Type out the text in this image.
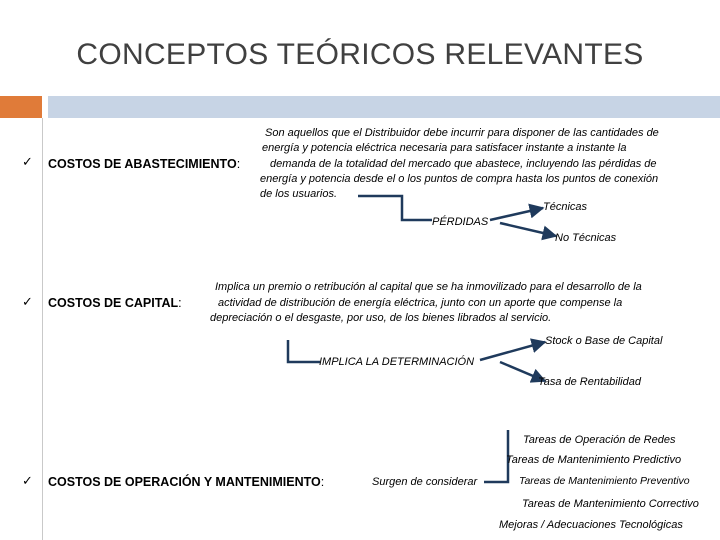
CONCEPTOS TEÓRICOS RELEVANTES
✓ COSTOS DE ABASTECIMIENTO:
Son aquellos que el Distribuidor debe incurrir para disponer de las cantidades de
energía y potencia eléctrica necesaria para satisfacer instante a instante la
demanda de la totalidad del mercado que abastece, incluyendo las pérdidas de
energía y potencia desde el o los puntos de compra hasta los puntos de conexión
de los usuarios.
PÉRDIDAS
Técnicas
No Técnicas
✓ COSTOS DE CAPITAL:
Implica un premio o retribución al capital que se ha inmovilizado para el desarrollo de la
actividad de distribución de energía eléctrica, junto con un aporte que compense la
depreciación o el desgaste, por uso, de los bienes librados al servicio.
IMPLICA LA DETERMINACIÓN
Stock o Base de Capital
Tasa de Rentabilidad
✓ COSTOS DE OPERACIÓN Y MANTENIMIENTO:	Surgen de considerar
Tareas de Operación de Redes
Tareas de Mantenimiento Predictivo
Tareas de Mantenimiento Preventivo
Tareas de Mantenimiento Correctivo
Mejoras / Adecuaciones Tecnológicas
